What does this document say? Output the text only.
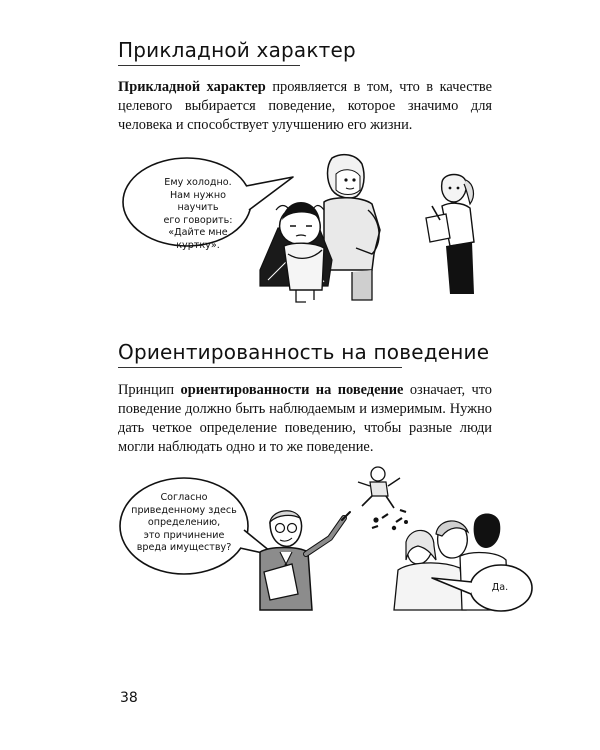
Прикладной характер
Прикладной характер проявляется в том, что в качестве целевого выбирается поведение, которое значимо для человека и способствует улучшению его жизни.
Ему холодно.
Нам нужно научить
его говорить:
«Дайте мне куртку».
Ориентированность на поведение
Принцип ориентированности на поведение означает, что поведение должно быть наблюдаемым и измеримым. Нужно дать четкое определение поведению, чтобы разные люди могли наблюдать одно и то же поведение.
Согласно
приведенному здесь
определению,
это причинение
вреда имуществу?
Да.
38
